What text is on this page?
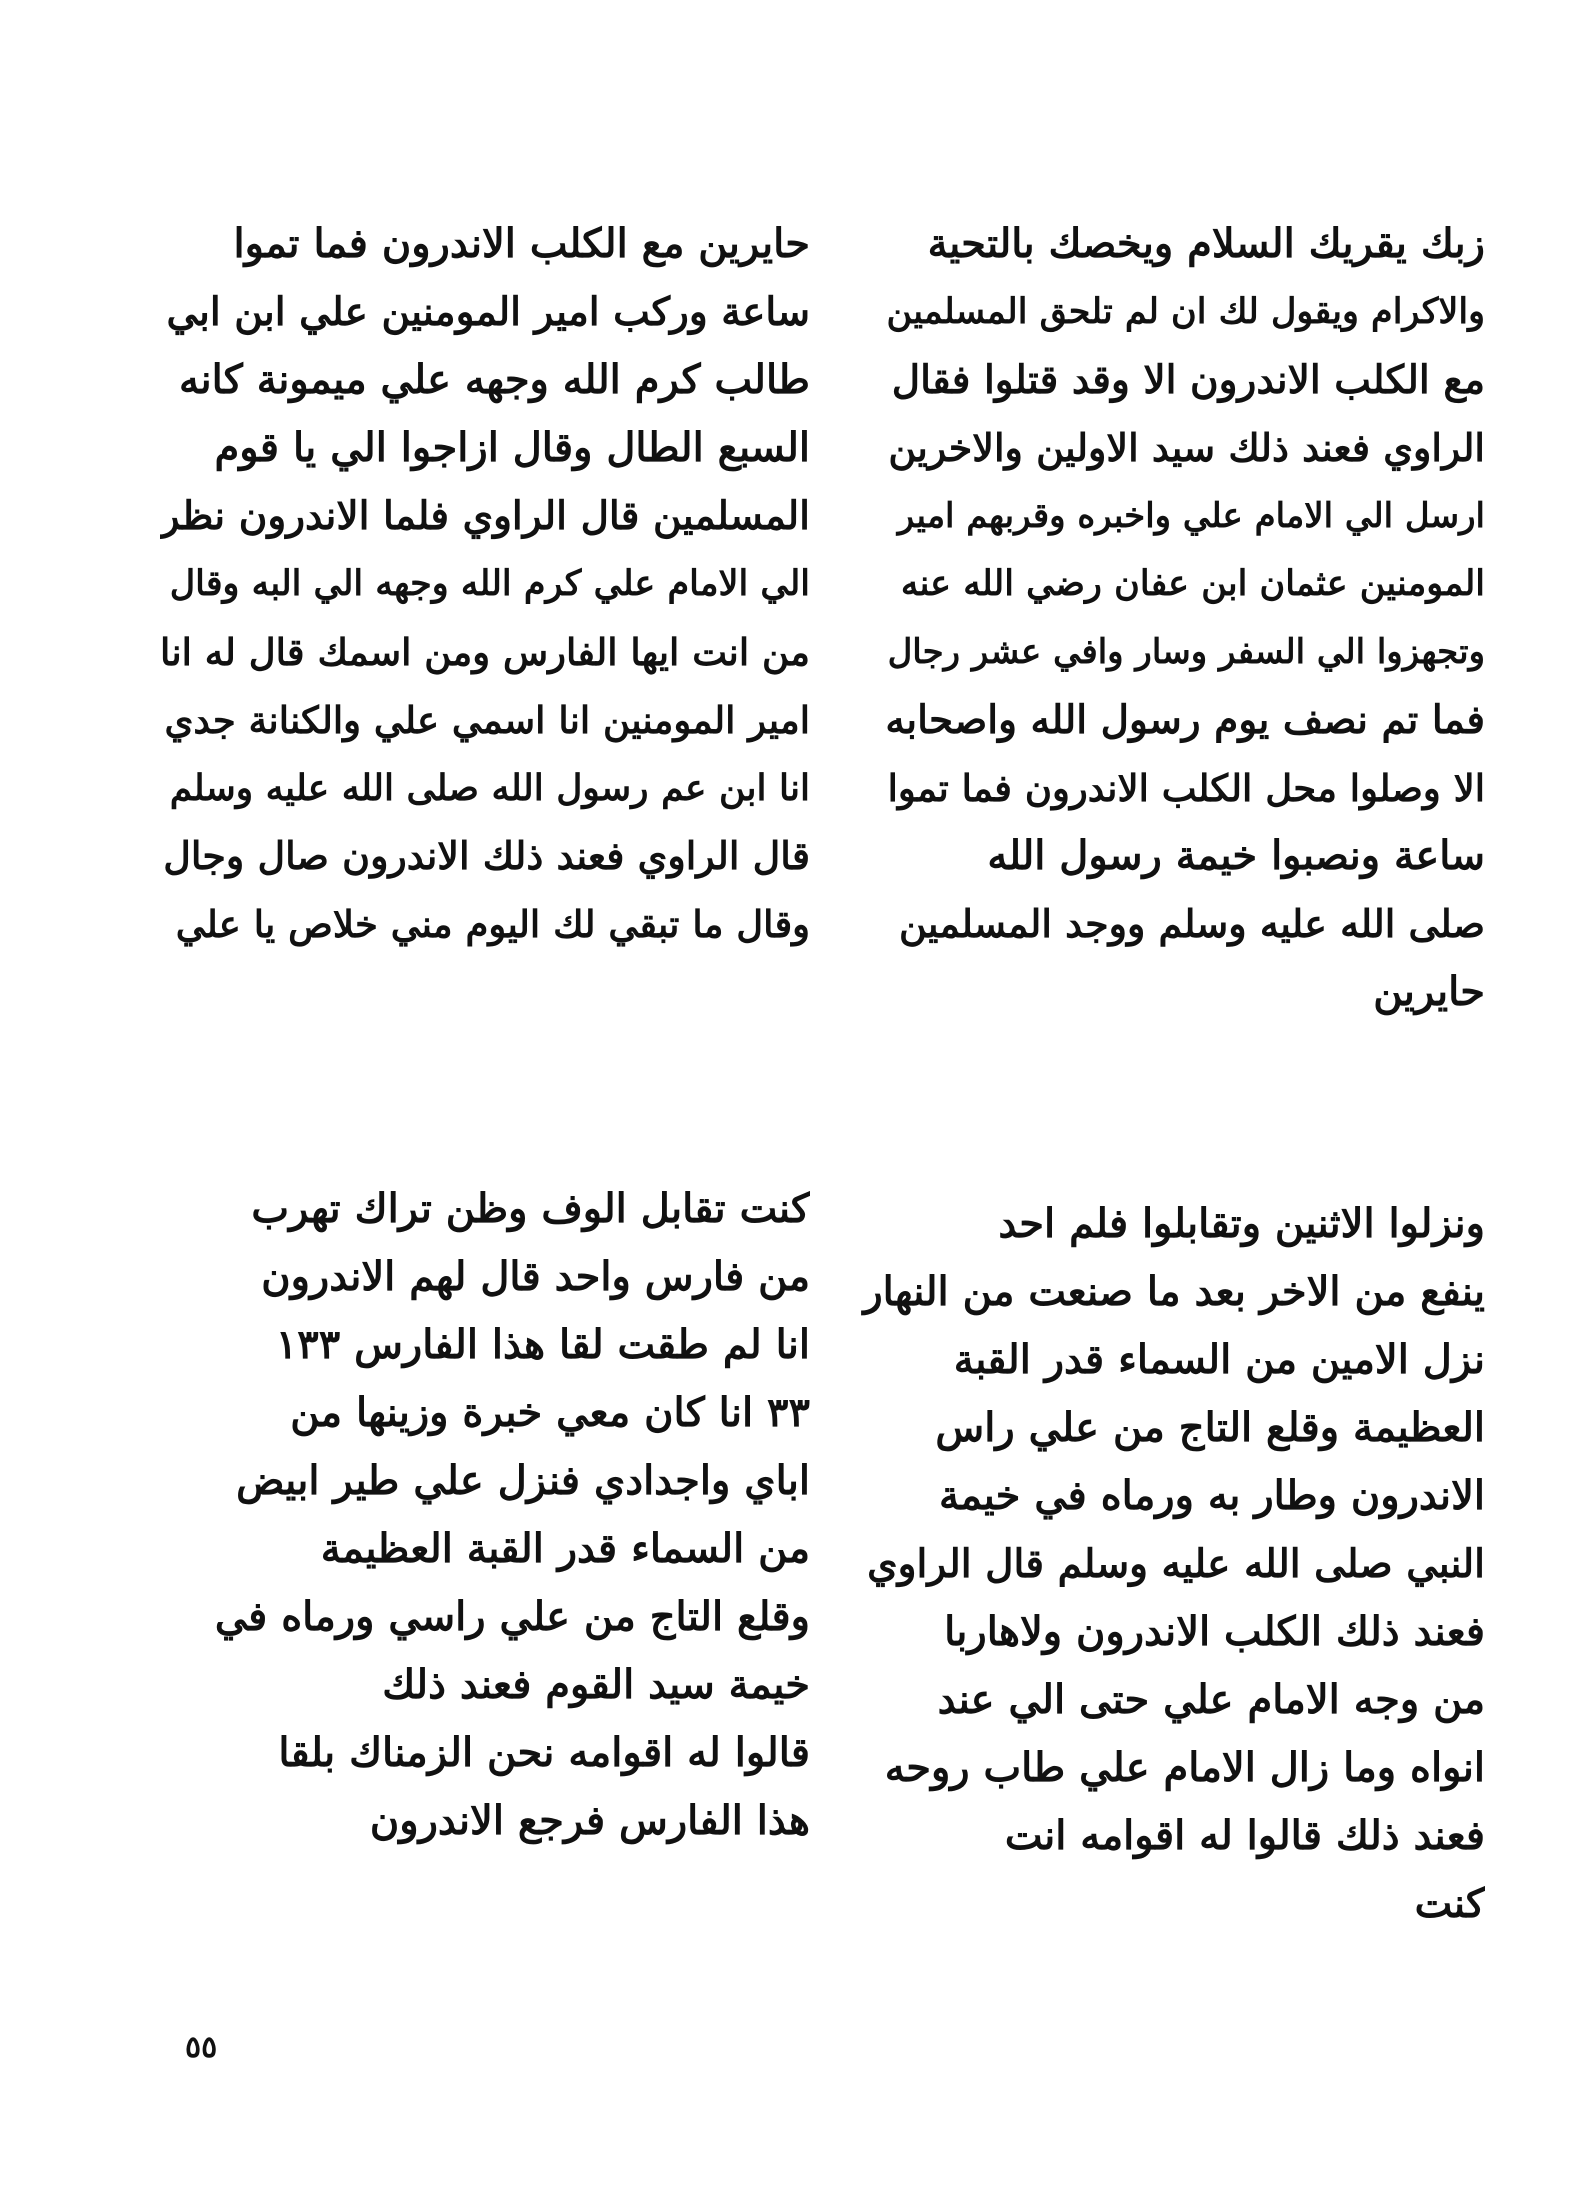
زبك يقريك السلام ويخصك بالتحية
والاكرام ويقول لك ان لم تلحق المسلمين
مع الكلب الاندرون الا وقد قتلوا فقال
الراوي فعند ذلك سيد الاولين والاخرين
ارسل الي الامام علي واخبره وقربهم امير
المومنين عثمان ابن عفان رضي الله عنه
وتجهزوا الي السفر وسار وافي عشر رجال
فما تم نصف يوم رسول الله واصحابه
الا وصلوا محل الكلب الاندرون فما تموا
ساعة ونصبوا خيمة رسول الله
صلى الله عليه وسلم ووجد المسلمين
حايرين
حايرين مع الكلب الاندرون فما تموا
ساعة وركب امير المومنين علي ابن ابي
طالب كرم الله وجهه علي ميمونة كانه
السبع الطال وقال ازاجوا الي يا قوم
المسلمين قال الراوي فلما الاندرون نظر
الي الامام علي كرم الله وجهه الي البه وقال
من انت ايها الفارس ومن اسمك قال له انا
امير المومنين انا اسمي علي والكنانة جدي
انا ابن عم رسول الله صلى الله عليه وسلم
قال الراوي فعند ذلك الاندرون صال وجال
وقال ما تبقي لك اليوم مني خلاص يا علي
ونزلوا الاثنين وتقابلوا فلم احد
ينفع من الاخر بعد ما صنعت من النهار
نزل الامين من السماء قدر القبة
العظيمة وقلع التاج من علي راس
الاندرون وطار به ورماه في خيمة
النبي صلى الله عليه وسلم قال الراوي
فعند ذلك الكلب الاندرون ولاهاربا
من وجه الامام علي حتى الي عند
انواه وما زال الامام علي طاب روحه
فعند ذلك قالوا له اقوامه انت
كنت
كنت تقابل الوف وظن تراك تهرب
من فارس واحد قال لهم الاندرون
انا لم طقت لقا هذا الفارس ١٣٣
٣٣ انا كان معي خبرة وزينها من
اباي واجدادي فنزل علي طير ابيض
من السماء قدر القبة العظيمة
وقلع التاج من علي راسي ورماه في
خيمة سيد القوم فعند ذلك
قالوا له اقوامه نحن الزمناك بلقا
هذا الفارس فرجع الاندرون
٥٥
